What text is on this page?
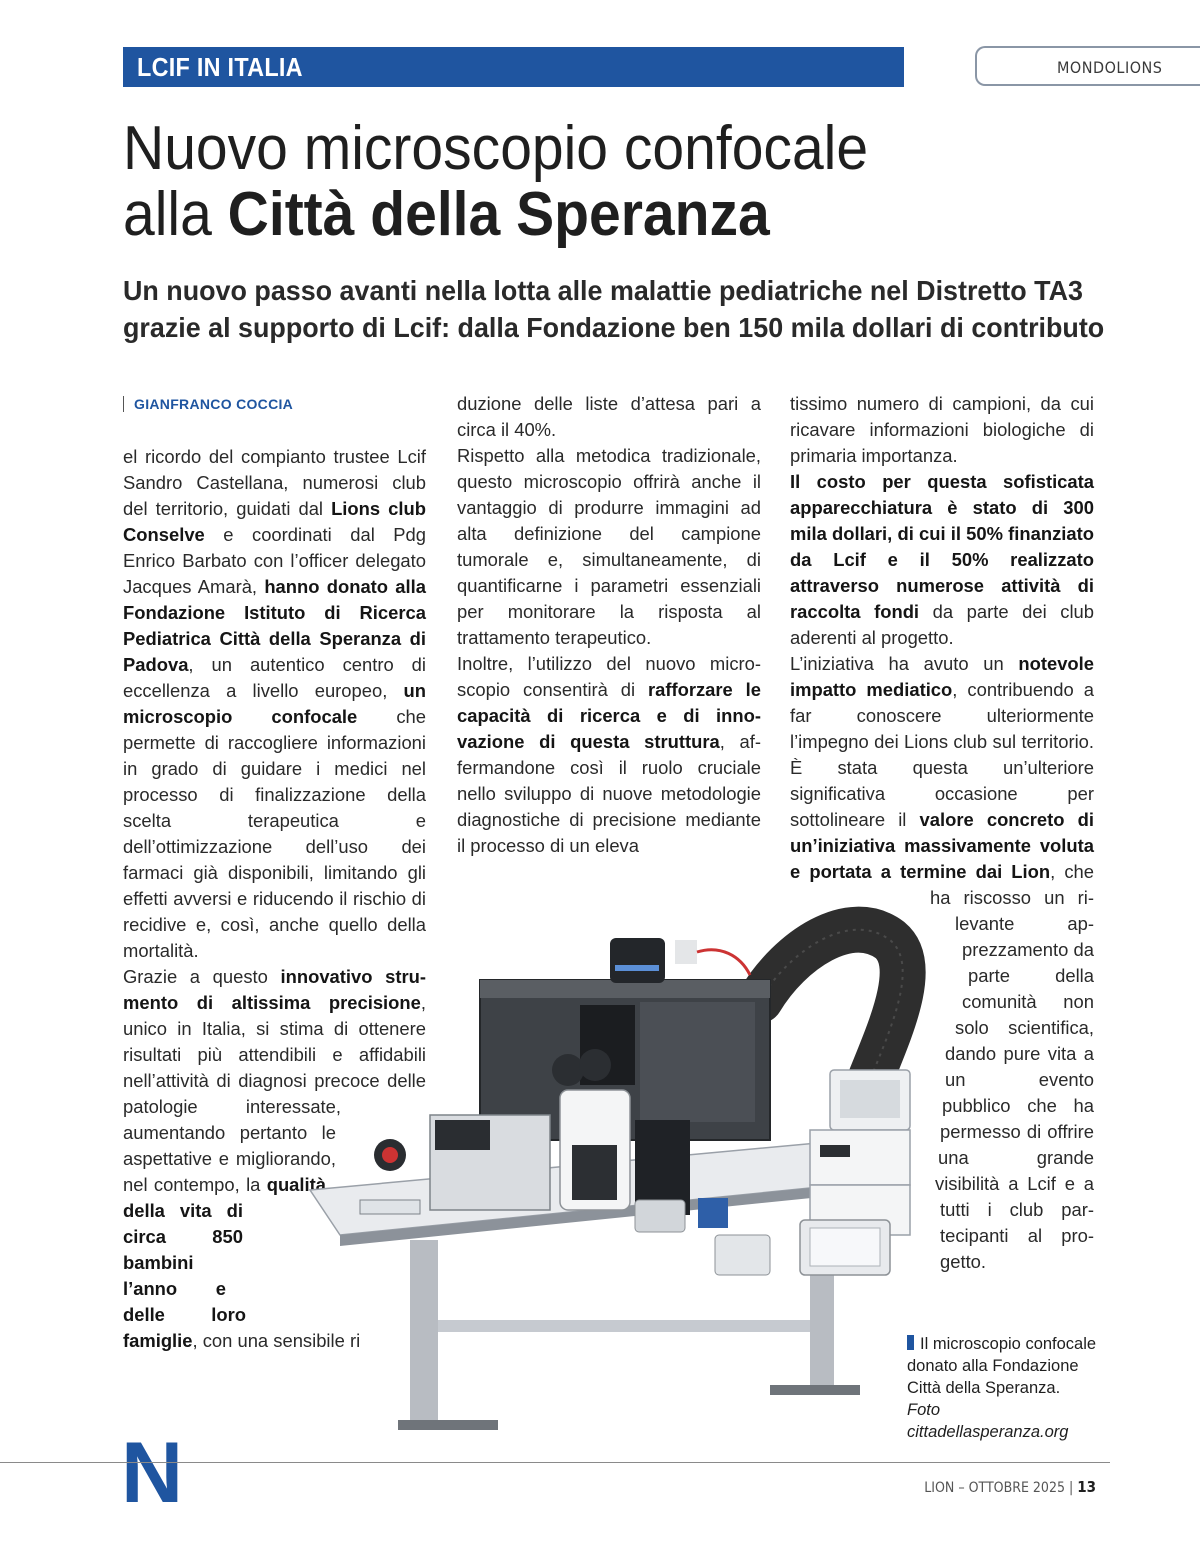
LCIF IN ITALIA	MONDOLIONS
Nuovo microscopio confocale
alla Città della Speranza
Un nuovo passo avanti nella lotta alle malattie pediatriche nel Distretto TA3
grazie al supporto di Lcif: dalla Fondazione ben 150 mila dollari di contributo
GIANFRANCO COCCIA

N
el ricordo del compianto trustee Lcif Sandro Castellana, numerosi club del territorio, guidati dal Lions club Conselve e coordinati dal Pdg Enrico Barbato con l’officer delegato Jacques Amarà, hanno donato alla Fondazione Istituto di Ricerca Pediatrica Città della Speranza di Padova, un autentico centro di eccellenza a livello europeo, un microscopio confocale che permette di raccogliere informazioni in grado di guidare i medici nel processo di finalizzazione della scelta terapeutica e dell’ottimizzazione dell’uso dei farmaci già disponibili, limitando gli effetti avversi e riducendo il rischio di recidive e, così, anche quello della mortalità.

Grazie a questo innovativo strumento di altissima precisione, unico in Italia, si stima di ottenere risultati più attendibili e affidabili nell’attività di diagnosi precoce delle patologie interessate, aumentando pertanto le aspettative e migliorando, nel contempo, la qualità della vita di circa 850 bambini l’anno e delle loro famiglie, con una sensibile ri

duzione delle liste d’attesa pari a circa il 40%.

Rispetto alla metodica tradizionale, questo microscopio offrirà anche il vantaggio di produrre immagini ad alta definizione del campione tumorale e, simultaneamente, di quantificarne i parametri essenziali per monitorare la risposta al trattamento terapeutico.

Inoltre, l’utilizzo del nuovo microscopio consentirà di rafforzare le capacità di ricerca e di innovazione di questa struttura, affermandone così il ruolo cruciale nello sviluppo di nuove metodologie diagnostiche di precisione mediante il processo di un eleva

tissimo numero di campioni, da cui ricavare informazioni biologiche di primaria importanza.

Il costo per questa sofisticata apparecchiatura è stato di 300 mila dollari, di cui il 50% finanziato da Lcif e il 50% realizzato attraverso numerose attività di raccolta fondi da parte dei club aderenti al progetto.

L’iniziativa ha avuto un notevole impatto mediatico, contribuendo a far conoscere ulteriormente l’impegno dei Lions club sul territorio. È stata questa un’ulteriore significativa occasione per sottolineare il valore concreto di un’iniziativa massivamente voluta e portata a termine dai Lion, che ha riscosso un rilevante apprezzamento da parte della comunità non solo scientifica, dando pure vita a un evento pubblico che ha permesso di offrire una grande visibilità a Lcif e a tutti i club partecipanti al progetto.

Il microscopio confocale donato alla Fondazione Città della Speranza. Foto cittadellasperanza.org
LION – OTTOBRE 2025 | 13
